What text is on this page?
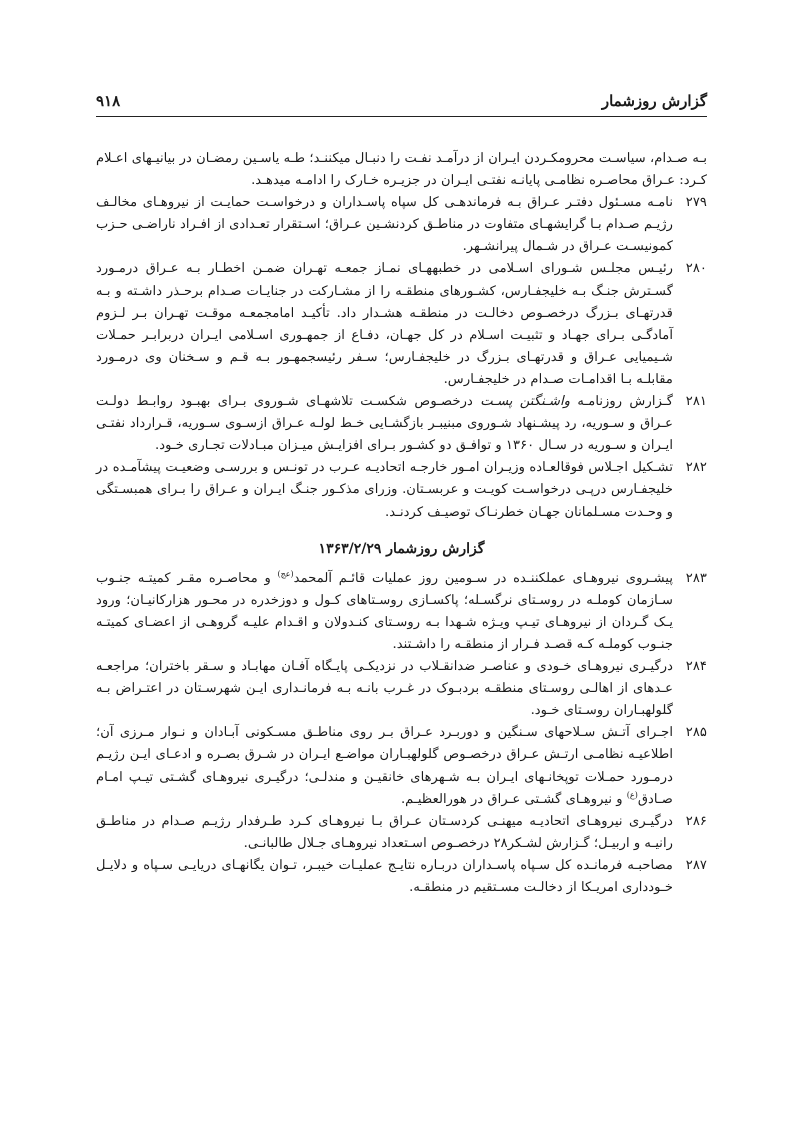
گزارش روزشمار
۹۱۸

بـه صـدام، سیاسـت محرومکـردن ایـران از درآمـد نفـت را دنبـال میکننـد؛ طـه یاسـین رمضـان در بیانیـهای اعـلام کـرد: عـراق محاصـره نظامـی پایانـه نفتـی ایـران در جزیـره خـارک را ادامـه میدهـد.

۲۷۹
نامـه مسـئول دفتـر عـراق بـه فرماندهـی کل سپاه پاسـداران و درخواسـت حمایـت از نیروهـای مخالـف رژیـم صـدام بـا گرایشهـای متفاوت در مناطـق کردنشـین عـراق؛ اسـتقرار تعـدادی از افـراد ناراضـی حـزب کمونیسـت عـراق در شـمال پیرانشـهر.
۲۸۰
رئیـس مجلـس شـورای اسـلامی در خطبههـای نمـاز جمعـه تهـران ضمـن اخطـار بـه عـراق درمـورد گسـترش جنـگ بـه خلیجفـارس، کشـورهای منطقـه را از مشـارکت در جنایـات صـدام برحـذر داشـته و بـه قدرتهـای بـزرگ درخصـوص دخالـت در منطقـه هشـدار داد. تأکیـد امامجمعـه موقـت تهـران بـر لـزوم آمادگـی بـرای جهـاد و تثبیـت اسـلام در کل جهـان، دفـاع از جمهـوری اسـلامی ایـران دربرابـر حمـلات شـیمیایی عـراق و قدرتهـای بـزرگ در خلیجفـارس؛ سـفر رئیسجمهـور بـه قـم و سـخنان وی درمـورد مقابلـه بـا اقدامـات صـدام در خلیجفـارس.
۲۸۱
گـزارش روزنامـه واشـنگتن پسـت درخصـوص شکسـت تلاشهـای شـوروی بـرای بهبـود روابـط دولـت عـراق و سـوریه، رد پیشـنهاد شـوروی مبنیبـر بازگشـایی خـط لولـه عـراق ازسـوی سـوریه، قـرارداد نفتـی ایـران و سـوریه در سـال ۱۳۶۰ و توافـق دو کشـور بـرای افزایـش میـزان مبـادلات تجـاری خـود.
۲۸۲
تشـکیل اجـلاس فوقالعـاده وزیـران امـور خارجـه اتحادیـه عـرب در تونـس و بررسـی وضعیـت پیشآمـده در خلیجفـارس درپـی درخواسـت کویـت و عربسـتان. وزرای مذکـور جنـگ ایـران و عـراق را بـرای همبسـتگی و وحـدت مسـلمانان جهـان خطرنـاک توصیـف کردنـد.
گزارش روزشمار ۱۳۶۳/۲/۲۹
۲۸۳
پیشـروی نیروهـای عملکننـده در سـومین روز عملیات قائـم آلمحمد$^{(عج)}$ و محاصـره مقـر کمیتـه جنـوب سـازمان کوملـه در روسـتای نرگسـله؛ پاکسـازی روسـتاهای کـول و دوزخدره در محـور هزارکانیـان؛ ورود یـک گـردان از نیروهـای تیـپ ویـژه شـهدا بـه روسـتای کنـدولان و اقـدام علیـه گروهـی از اعضـای کمیتـه جنـوب کوملـه کـه قصـد فـرار از منطقـه را داشـتند.
۲۸۴
درگیـری نیروهـای خـودی و عناصـر ضدانقـلاب در نزدیکـی پایـگاه آفـان مهابـاد و سـقر باختران؛ مراجعـه عـدهای از اهالـی روسـتای منطقـه بردبـوک در غـرب بانـه بـه فرمانـداری ایـن شهرسـتان در اعتـراض بـه گلولهبـاران روسـتای خـود.
۲۸۵
اجـرای آتـش سـلاحهای سـنگین و دوربـرد عـراق بـر روی مناطـق مسـکونی آبـادان و نـوار مـرزی آن؛ اطلاعیـه نظامـی ارتـش عـراق درخصـوص گلولهبـاران مواضـع ایـران در شـرق بصـره و ادعـای ایـن رژیـم درمـورد حمـلات توپخانـهای ایـران بـه شـهرهای خانقیـن و مندلـی؛ درگیـری نیروهـای گشـتی تیـپ امـام صـادق$^{(ع)}$ و نیروهـای گشـتی عـراق در هورالعظیـم.
۲۸۶
درگیـری نیروهـای اتحادیـه میهنـی کردسـتان عـراق بـا نیروهـای کـرد طـرفدار رژیـم صـدام در مناطـق رانیـه و اربیـل؛ گـزارش لشـکر۲۸ درخصـوص اسـتعداد نیروهـای جـلال طالبانـی.
۲۸۷
مصاحبـه فرمانـده کل سـپاه پاسـداران دربـاره نتایـج عملیـات خیبـر، تـوان یگانهـای دریایـی سـپاه و دلایـل خـودداری امریـکا از دخالـت مسـتقیم در منطقـه.
